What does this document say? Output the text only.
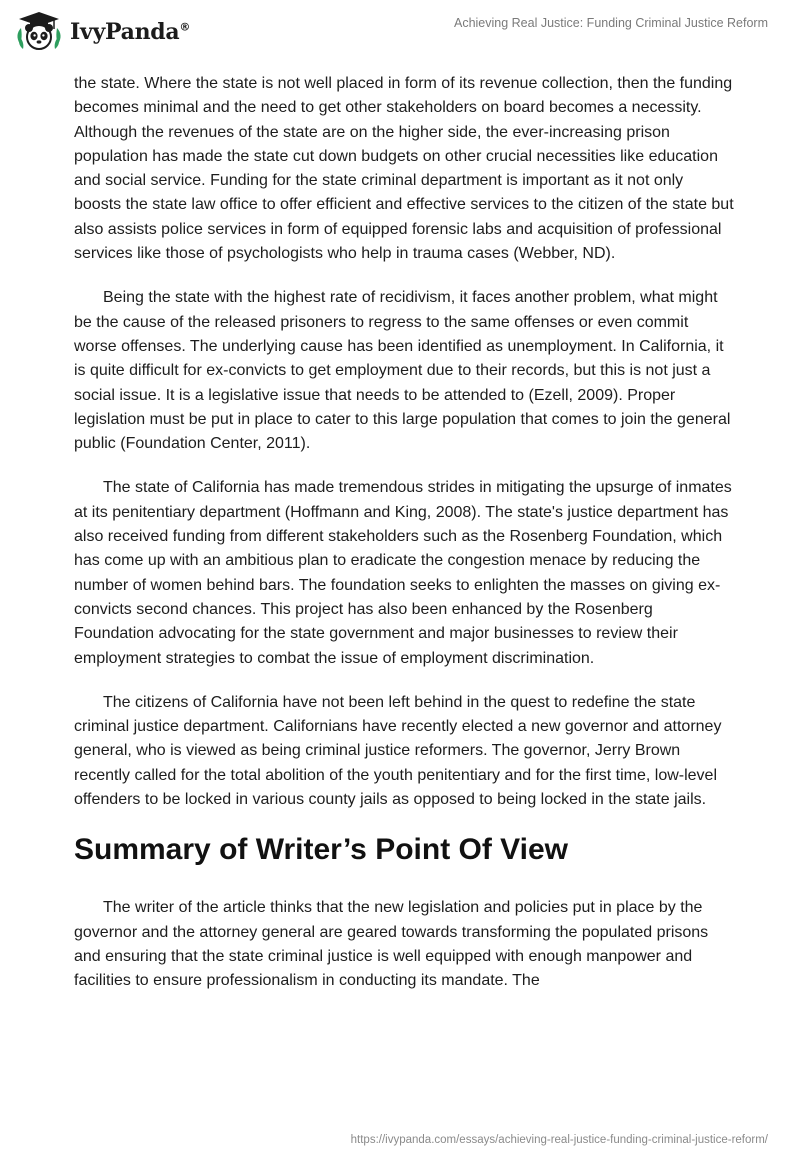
IvyPanda®	Achieving Real Justice: Funding Criminal Justice Reform

the state. Where the state is not well placed in form of its revenue collection, then the funding becomes minimal and the need to get other stakeholders on board becomes a necessity. Although the revenues of the state are on the higher side, the ever-increasing prison population has made the state cut down budgets on other crucial necessities like education and social service. Funding for the state criminal department is important as it not only boosts the state law office to offer efficient and effective services to the citizen of the state but also assists police services in form of equipped forensic labs and acquisition of professional services like those of psychologists who help in trauma cases (Webber, ND).

Being the state with the highest rate of recidivism, it faces another problem, what might be the cause of the released prisoners to regress to the same offenses or even commit worse offenses. The underlying cause has been identified as unemployment. In California, it is quite difficult for ex-convicts to get employment due to their records, but this is not just a social issue. It is a legislative issue that needs to be attended to (Ezell, 2009). Proper legislation must be put in place to cater to this large population that comes to join the general public (Foundation Center, 2011).

The state of California has made tremendous strides in mitigating the upsurge of inmates at its penitentiary department (Hoffmann and King, 2008). The state's justice department has also received funding from different stakeholders such as the Rosenberg Foundation, which has come up with an ambitious plan to eradicate the congestion menace by reducing the number of women behind bars. The foundation seeks to enlighten the masses on giving ex-convicts second chances. This project has also been enhanced by the Rosenberg Foundation advocating for the state government and major businesses to review their employment strategies to combat the issue of employment discrimination.

The citizens of California have not been left behind in the quest to redefine the state criminal justice department. Californians have recently elected a new governor and attorney general, who is viewed as being criminal justice reformers. The governor, Jerry Brown recently called for the total abolition of the youth penitentiary and for the first time, low-level offenders to be locked in various county jails as opposed to being locked in the state jails.

Summary of Writer’s Point Of View

The writer of the article thinks that the new legislation and policies put in place by the governor and the attorney general are geared towards transforming the populated prisons and ensuring that the state criminal justice is well equipped with enough manpower and facilities to ensure professionalism in conducting its mandate. The

https://ivypanda.com/essays/achieving-real-justice-funding-criminal-justice-reform/
